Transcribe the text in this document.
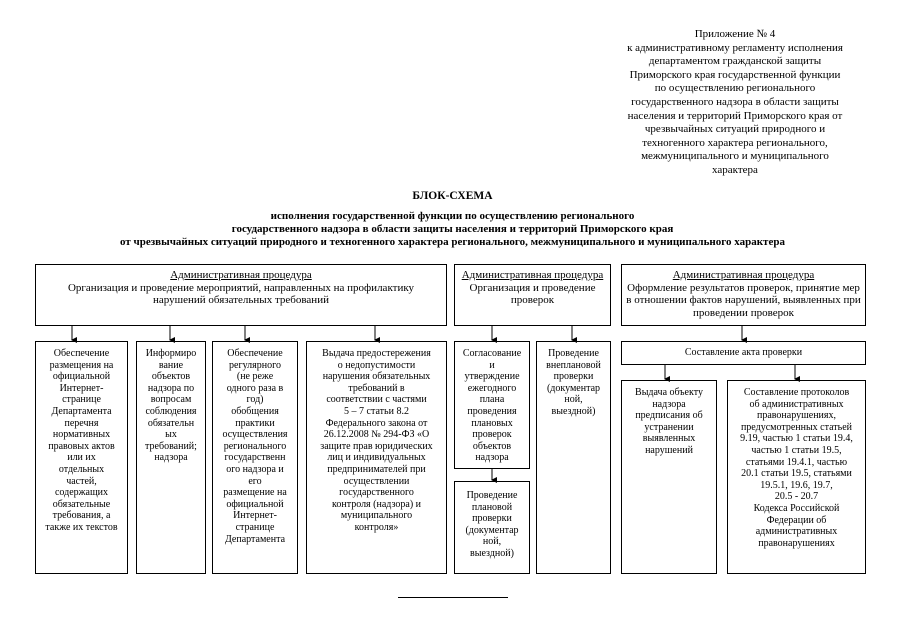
Приложение № 4
к административному регламенту исполнения
департаментом гражданской защиты
Приморского края государственной функции
по осуществлению регионального
государственного надзора в области защиты
населения и территорий Приморского края от
чрезвычайных ситуаций природного и
техногенного характера регионального,
межмуниципального и муниципального
характера
БЛОК-СХЕМА
исполнения государственной функции по осуществлению регионального
государственного надзора в области защиты населения и территорий Приморского края
от чрезвычайных ситуаций природного и техногенного характера регионального, межмуниципального и муниципального характера
Административная процедура
Организация и проведение мероприятий, направленных на профилактику нарушений обязательных требований
Административная процедура
Организация и проведение проверок
Административная процедура
Оформление результатов проверок, принятие мер в отношении фактов нарушений, выявленных при проведении проверок
Обеспечение
размещения на
официальной
Интернет-
странице
Департамента
перечня
нормативных
правовых актов
или их
отдельных
частей,
содержащих
обязательные
требования, а
также их текстов
Информиро
вание
объектов
надзора по
вопросам
соблюдения
обязательн
ых
требований;
надзора
Обеспечение
регулярного
(не реже
одного раза в
год)
обобщения
практики
осуществления
регионального
государственн
ого надзора и
его
размещение на
официальной
Интернет-
странице
Департамента
Выдача предостережения
о недопустимости
нарушения обязательных
требований в
соответствии с частями
5 – 7 статьи 8.2
Федерального закона от
26.12.2008 № 294-ФЗ «О
защите прав юридических
лиц и индивидуальных
предпринимателей при
осуществлении
государственного
контроля (надзора) и
муниципального
контроля»
Согласование
и
утверждение
ежегодного
плана
проведения
плановых
проверок
объектов
надзора
Проведение
внеплановой
проверки
(документар
ной,
выездной)
Проведение
плановой
проверки
(документар
ной,
выездной)
Составление акта проверки
Выдача объекту
надзора
предписания об
устранении
выявленных
нарушений
Составление протоколов
об административных
правонарушениях,
предусмотренных статьей
9.19, частью 1 статьи 19.4,
частью 1 статьи 19.5,
статьями 19.4.1, частью
20.1 статьи 19.5, статьями
19.5.1, 19.6, 19.7,
20.5 - 20.7
Кодекса Российской
Федерации об
административных
правонарушениях
